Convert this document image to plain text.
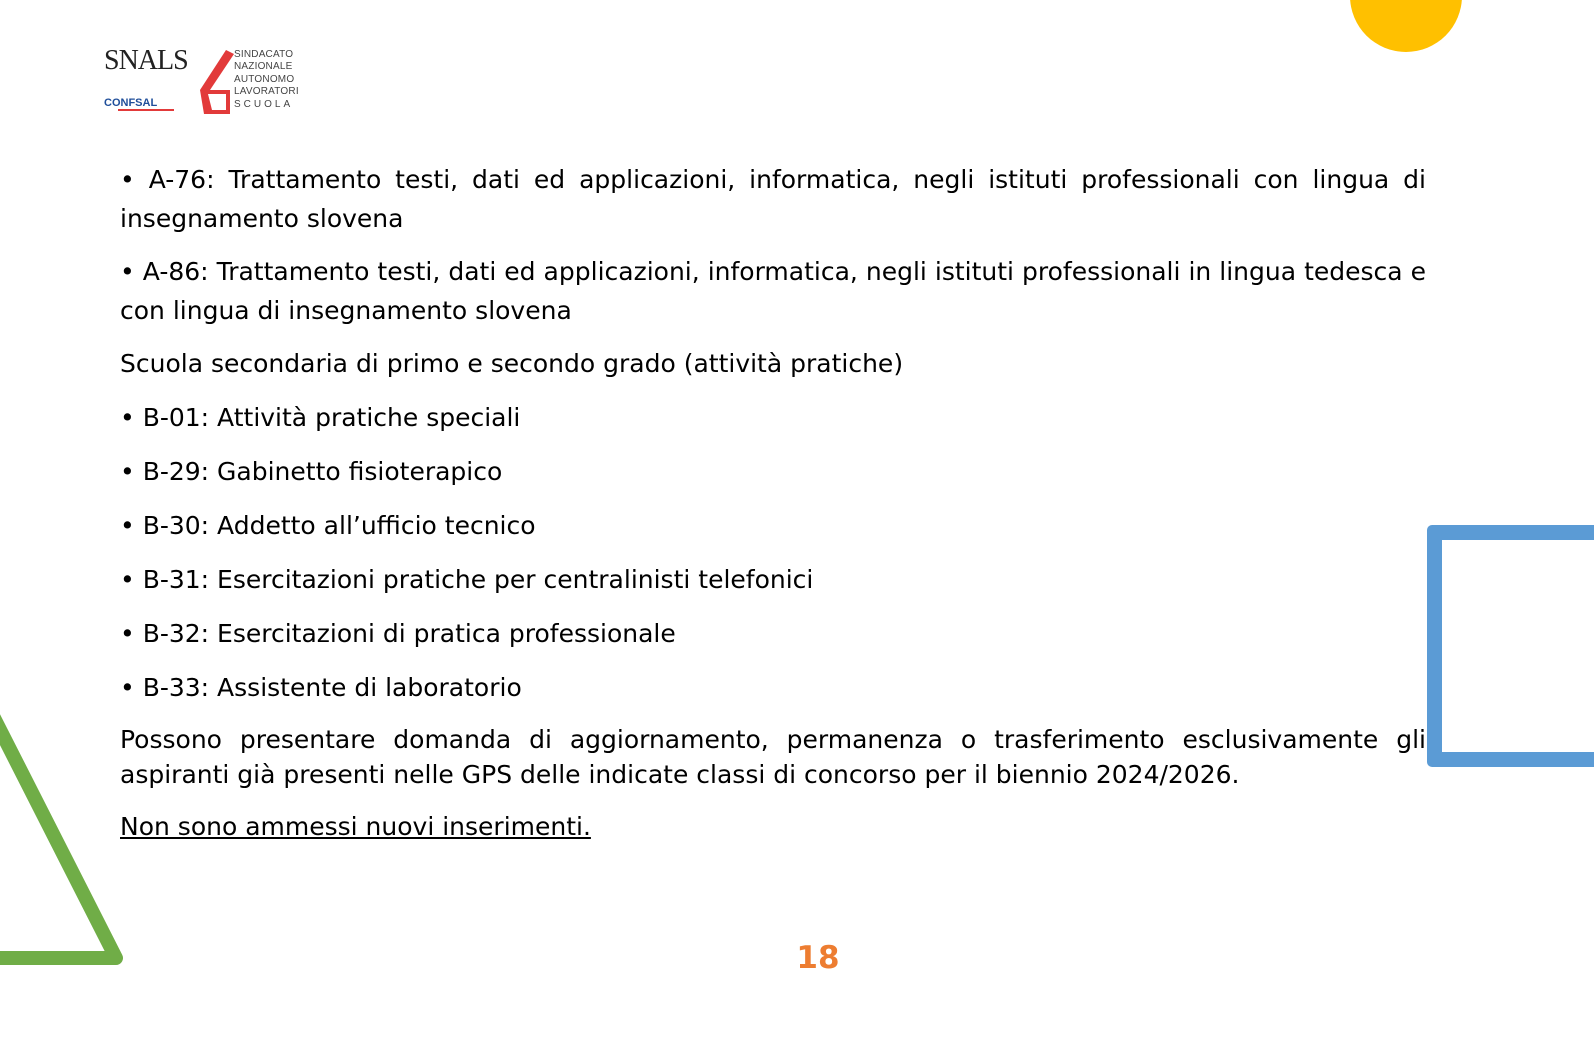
SNALS
CONFSAL
SINDACATO
NAZIONALE
AUTONOMO
LAVORATORI
SCUOLA

• A-76: Trattamento testi, dati ed applicazioni, informatica, negli istituti professionali con lingua di insegnamento slovena

• A-86: Trattamento testi, dati ed applicazioni, informatica, negli istituti professionali in lingua tedesca e con lingua di insegnamento slovena

Scuola secondaria di primo e secondo grado (attività pratiche)

• B-01: Attività pratiche speciali

• B-29: Gabinetto fisioterapico

• B-30: Addetto all’ufficio tecnico

• B-31: Esercitazioni pratiche per centralinisti telefonici

• B-32: Esercitazioni di pratica professionale

• B-33: Assistente di laboratorio

Possono presentare domanda di aggiornamento, permanenza o trasferimento esclusivamente gli aspiranti già presenti nelle GPS delle indicate classi di concorso per il biennio 2024/2026.

Non sono ammessi nuovi inserimenti.

18
